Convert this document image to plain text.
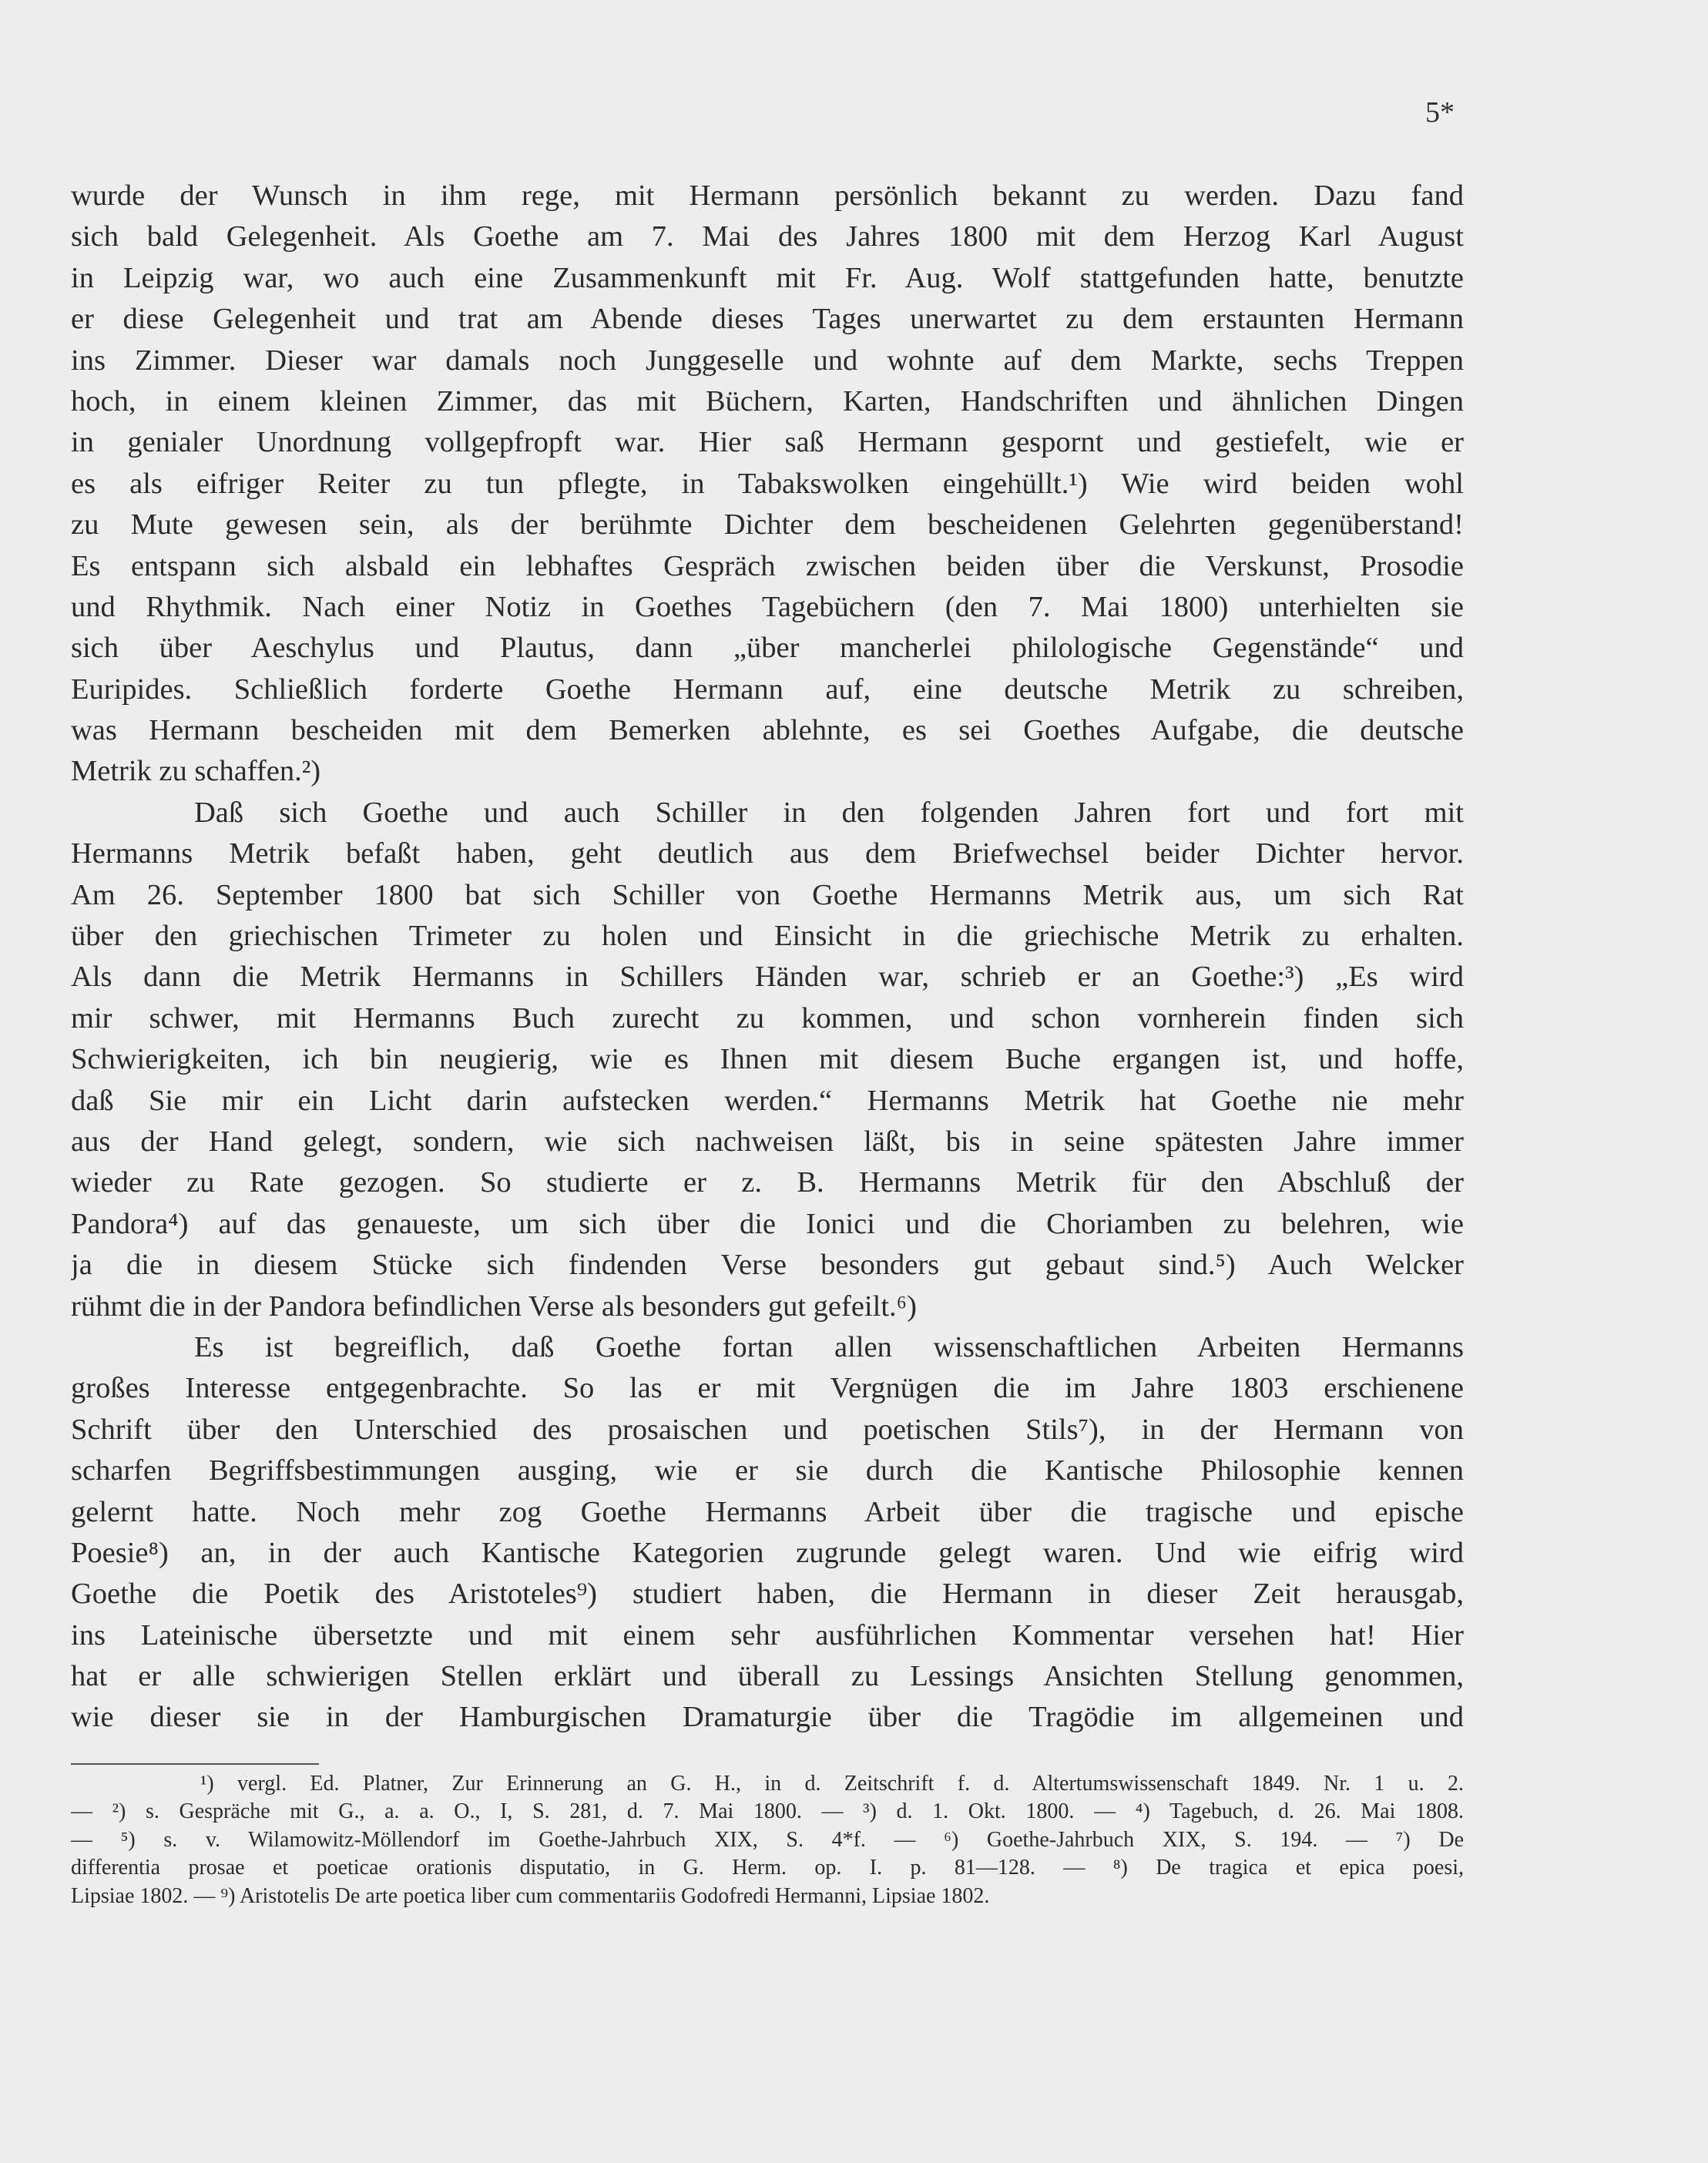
5*
wurde der Wunsch in ihm rege, mit Hermann persönlich bekannt zu werden. Dazu fand
sich bald Gelegenheit. Als Goethe am 7. Mai des Jahres 1800 mit dem Herzog Karl August
in Leipzig war, wo auch eine Zusammenkunft mit Fr. Aug. Wolf stattgefunden hatte, benutzte
er diese Gelegenheit und trat am Abende dieses Tages unerwartet zu dem erstaunten Hermann
ins Zimmer. Dieser war damals noch Junggeselle und wohnte auf dem Markte, sechs Treppen
hoch, in einem kleinen Zimmer, das mit Büchern, Karten, Handschriften und ähnlichen Dingen
in genialer Unordnung vollgepfropft war. Hier saß Hermann gespornt und gestiefelt, wie er
es als eifriger Reiter zu tun pflegte, in Tabakswolken eingehüllt.¹) Wie wird beiden wohl
zu Mute gewesen sein, als der berühmte Dichter dem bescheidenen Gelehrten gegenüberstand!
Es entspann sich alsbald ein lebhaftes Gespräch zwischen beiden über die Verskunst, Prosodie
und Rhythmik. Nach einer Notiz in Goethes Tagebüchern (den 7. Mai 1800) unterhielten sie
sich über Aeschylus und Plautus, dann „über mancherlei philologische Gegenstände“ und
Euripides. Schließlich forderte Goethe Hermann auf, eine deutsche Metrik zu schreiben,
was Hermann bescheiden mit dem Bemerken ablehnte, es sei Goethes Aufgabe, die deutsche
Metrik zu schaffen.²)
Daß sich Goethe und auch Schiller in den folgenden Jahren fort und fort mit
Hermanns Metrik befaßt haben, geht deutlich aus dem Briefwechsel beider Dichter hervor.
Am 26. September 1800 bat sich Schiller von Goethe Hermanns Metrik aus, um sich Rat
über den griechischen Trimeter zu holen und Einsicht in die griechische Metrik zu erhalten.
Als dann die Metrik Hermanns in Schillers Händen war, schrieb er an Goethe:³) „Es wird
mir schwer, mit Hermanns Buch zurecht zu kommen, und schon vornherein finden sich
Schwierigkeiten, ich bin neugierig, wie es Ihnen mit diesem Buche ergangen ist, und hoffe,
daß Sie mir ein Licht darin aufstecken werden.“ Hermanns Metrik hat Goethe nie mehr
aus der Hand gelegt, sondern, wie sich nachweisen läßt, bis in seine spätesten Jahre immer
wieder zu Rate gezogen. So studierte er z. B. Hermanns Metrik für den Abschluß der
Pandora⁴) auf das genaueste, um sich über die Ionici und die Choriamben zu belehren, wie
ja die in diesem Stücke sich findenden Verse besonders gut gebaut sind.⁵) Auch Welcker
rühmt die in der Pandora befindlichen Verse als besonders gut gefeilt.⁶)
Es ist begreiflich, daß Goethe fortan allen wissenschaftlichen Arbeiten Hermanns
großes Interesse entgegenbrachte. So las er mit Vergnügen die im Jahre 1803 erschienene
Schrift über den Unterschied des prosaischen und poetischen Stils⁷), in der Hermann von
scharfen Begriffsbestimmungen ausging, wie er sie durch die Kantische Philosophie kennen
gelernt hatte. Noch mehr zog Goethe Hermanns Arbeit über die tragische und epische
Poesie⁸) an, in der auch Kantische Kategorien zugrunde gelegt waren. Und wie eifrig wird
Goethe die Poetik des Aristoteles⁹) studiert haben, die Hermann in dieser Zeit herausgab,
ins Lateinische übersetzte und mit einem sehr ausführlichen Kommentar versehen hat! Hier
hat er alle schwierigen Stellen erklärt und überall zu Lessings Ansichten Stellung genommen,
wie dieser sie in der Hamburgischen Dramaturgie über die Tragödie im allgemeinen und
¹) vergl. Ed. Platner, Zur Erinnerung an G. H., in d. Zeitschrift f. d. Altertumswissenschaft 1849. Nr. 1 u. 2.
— ²) s. Gespräche mit G., a. a. O., I, S. 281, d. 7. Mai 1800. — ³) d. 1. Okt. 1800. — ⁴) Tagebuch, d. 26. Mai 1808.
— ⁵) s. v. Wilamowitz-Möllendorf im Goethe-Jahrbuch XIX, S. 4*f. — ⁶) Goethe-Jahrbuch XIX, S. 194. — ⁷) De
differentia prosae et poeticae orationis disputatio, in G. Herm. op. I. p. 81—128. — ⁸) De tragica et epica poesi,
Lipsiae 1802. — ⁹) Aristotelis De arte poetica liber cum commentariis Godofredi Hermanni, Lipsiae 1802.
